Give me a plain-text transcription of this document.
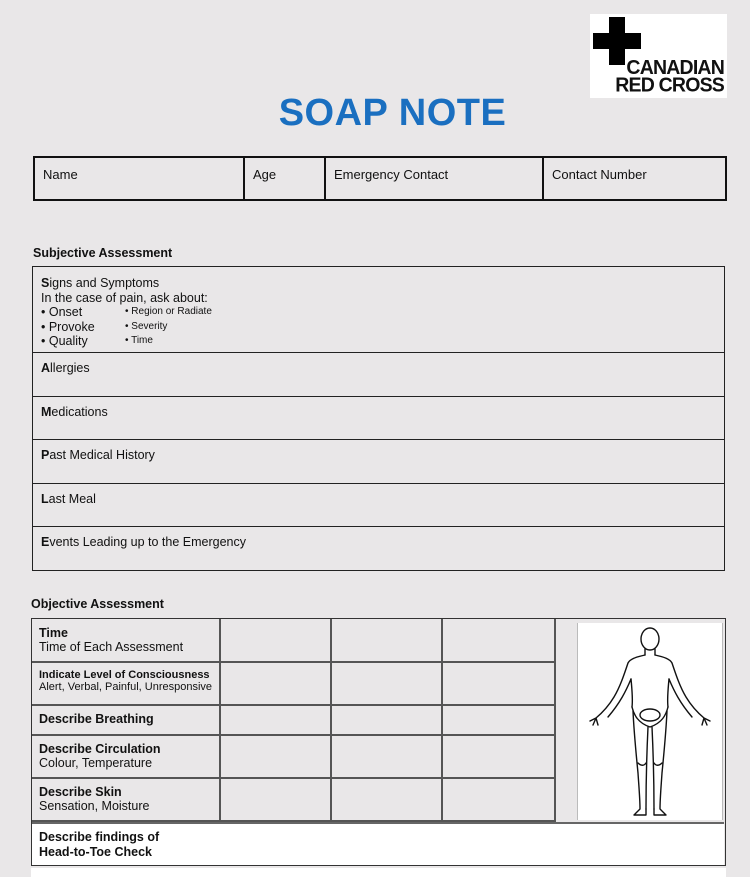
CANADIAN
RED CROSS
SOAP NOTE
Name	Age	Emergency Contact	Contact Number
Subjective Assessment
Signs and Symptoms
In the case of pain, ask about:
• Onset	• Region or Radiate
• Provoke	• Severity
• Quality	• Time
Allergies
Medications
Past Medical History
Last Meal
Events Leading up to the Emergency
Objective Assessment
Time
Time of Each Assessment
Indicate Level of Consciousness
Alert, Verbal, Painful, Unresponsive
Describe Breathing
Describe Circulation
Colour, Temperature
Describe Skin
Sensation, Moisture
Describe findings of
Head-to-Toe Check
